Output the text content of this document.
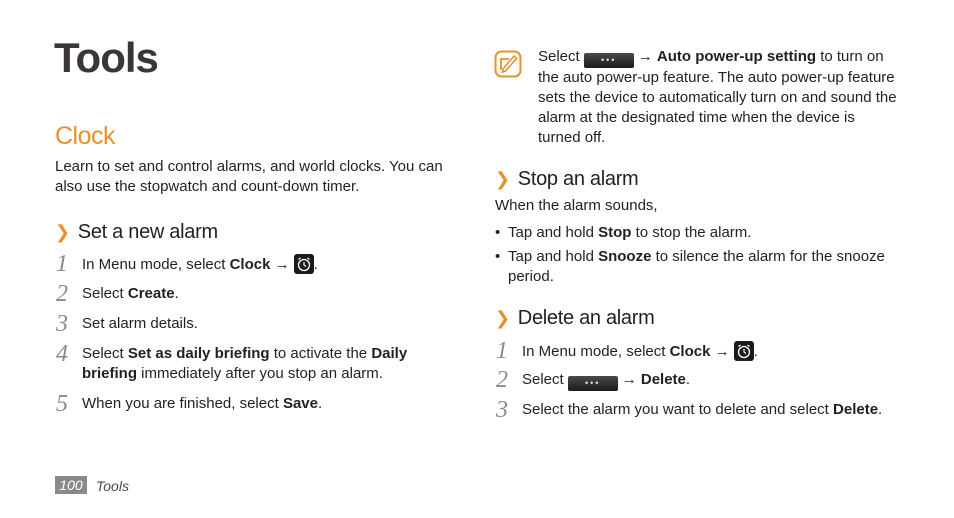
Tools
Clock
Learn to set and control alarms, and world clocks. You can also use the stopwatch and count-down timer.
❯ Set a new alarm
1 In Menu mode, select Clock → .
2 Select Create.
3 Set alarm details.
4 Select Set as daily briefing to activate the Daily briefing immediately after you stop an alarm.
5 When you are finished, select Save.
Select ••• → Auto power-up setting to turn on the auto power-up feature. The auto power-up feature sets the device to automatically turn on and sound the alarm at the designated time when the device is turned off.
❯ Stop an alarm
When the alarm sounds,
• Tap and hold Stop to stop the alarm.
• Tap and hold Snooze to silence the alarm for the snooze period.
❯ Delete an alarm
1 In Menu mode, select Clock → .
2 Select ••• → Delete.
3 Select the alarm you want to delete and select Delete.
100 Tools
